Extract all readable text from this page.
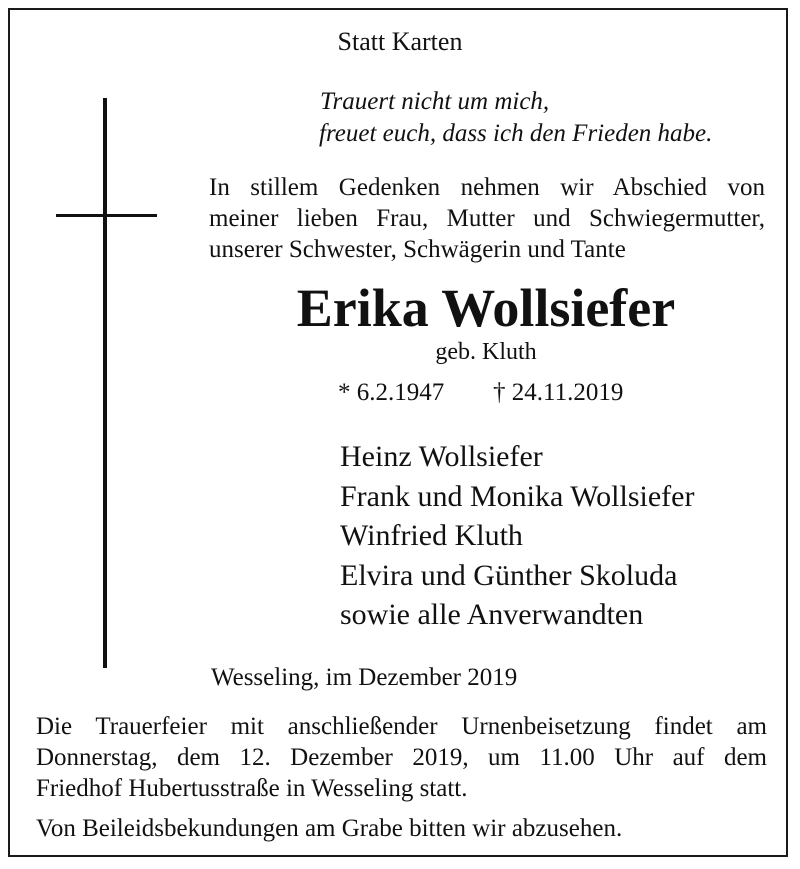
Statt Karten
Trauert nicht um mich,
freuet euch, dass ich den Frieden habe.
In stillem Gedenken nehmen wir Abschied von
meiner lieben Frau, Mutter und Schwiegermutter,
unserer Schwester, Schwägerin und Tante
Erika Wollsiefer
geb. Kluth
* 6.2.1947 † 24.11.2019
Heinz Wollsiefer
Frank und Monika Wollsiefer
Winfried Kluth
Elvira und Günther Skoluda
sowie alle Anverwandten
Wesseling, im Dezember 2019
Die Trauerfeier mit anschließender Urnenbeisetzung findet am
Donnerstag, dem 12. Dezember 2019, um 11.00 Uhr auf dem
Friedhof Hubertusstraße in Wesseling statt.
Von Beileidsbekundungen am Grabe bitten wir abzusehen.
